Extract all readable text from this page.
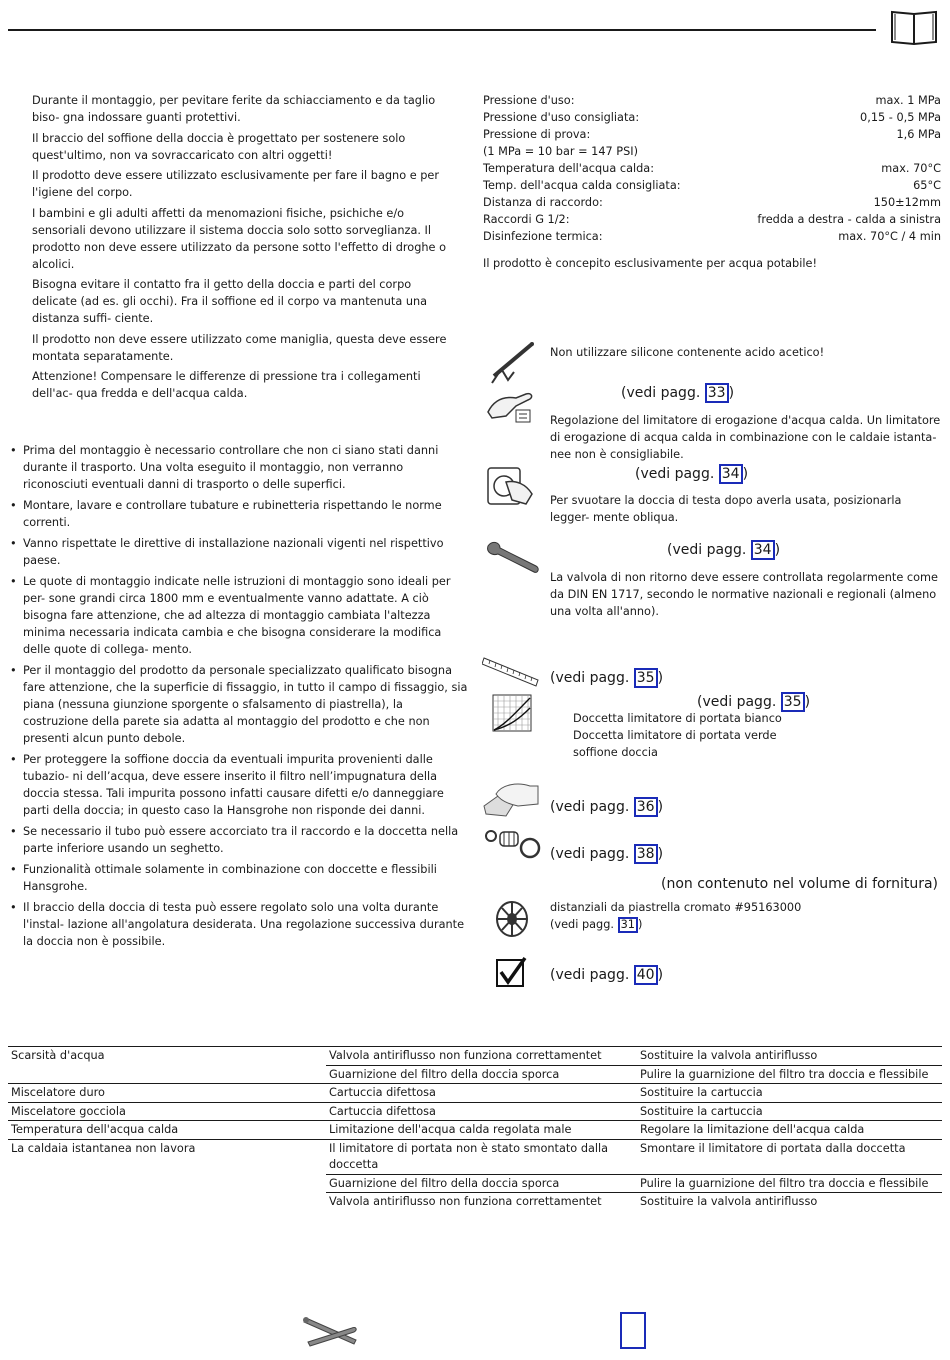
Durante il montaggio, per pevitare ferite da schiacciamento e da taglio biso- gna indossare guanti protettivi.

Il braccio del soffione della doccia è progettato per sostenere solo quest'ultimo, non va sovraccaricato con altri oggetti!

Il prodotto deve essere utilizzato esclusivamente per fare il bagno e per l'igiene del corpo.

I bambini e gli adulti affetti da menomazioni fisiche, psichiche e/o sensoriali devono utilizzare il sistema doccia solo sotto sorveglianza. Il prodotto non deve essere utilizzato da persone sotto l'effetto di droghe o alcolici.

Bisogna evitare il contatto fra il getto della doccia e parti del corpo delicate (ad es. gli occhi). Fra il soffione ed il corpo va mantenuta una distanza suffi- ciente.

Il prodotto non deve essere utilizzato come maniglia, questa deve essere montata separatamente.

Attenzione! Compensare le differenze di pressione tra i collegamenti dell'ac- qua fredda e dell'acqua calda.

• Prima del montaggio è necessario controllare che non ci siano stati danni durante il trasporto. Una volta eseguito il montaggio, non verranno riconosciuti eventuali danni di trasporto o delle superfici.
• Montare, lavare e controllare tubature e rubinetteria rispettando le norme correnti.
• Vanno rispettate le direttive di installazione nazionali vigenti nel rispettivo paese.
• Le quote di montaggio indicate nelle istruzioni di montaggio sono ideali per per- sone grandi circa 1800 mm e eventualmente vanno adattate. A ciò bisogna fare attenzione, che ad altezza di montaggio cambiata l'altezza minima necessaria indicata cambia e che bisogna considerare la modifica delle quote di collega- mento.
• Per il montaggio del prodotto da personale specializzato qualificato bisogna fare attenzione, che la superficie di fissaggio, in tutto il campo di fissaggio, sia piana (nessuna giunzione sporgente o sfalsamento di piastrella), la costruzione della parete sia adatta al montaggio del prodotto e che non presenti alcun punto debole.
• Per proteggere la soffione doccia da eventuali impurita provenienti dalle tubazio- ni dell’acqua, deve essere inserito il filtro nell’impugnatura della doccia stessa. Tali impurita possono infatti causare difetti e/o danneggiare parti della doccia; in questo caso la Hansgrohe non risponde dei danni.
• Se necessario il tubo può essere accorciato tra il raccordo e la doccetta nella parte inferiore usando un seghetto.
• Funzionalità ottimale solamente in combinazione con doccette e flessibili Hansgrohe.
• Il braccio della doccia di testa può essere regolato solo una volta durante l'instal- lazione all'angolatura desiderata. Una regolazione successiva durante la doccia non è possibile.
Pressione d'uso:	max. 1 MPa
Pressione d'uso consigliata:	0,15 - 0,5 MPa
Pressione di prova:	1,6 MPa
(1 MPa = 10 bar = 147 PSI)
Temperatura dell'acqua calda:	max. 70°C
Temp. dell'acqua calda consigliata:	65°C
Distanza di raccordo:	150±12mm
Raccordi G 1/2:	fredda a destra - calda a sinistra
Disinfezione termica:	max. 70°C / 4 min
Il prodotto è concepito esclusivamente per acqua potabile!
Non utilizzare silicone contenente acido acetico!
(vedi pagg. 33 )
Regolazione del limitatore di erogazione d'acqua calda. Un limitatore di erogazione di acqua calda in combinazione con le caldaie istanta- nee non è consigliabile.
(vedi pagg. 34 )
Per svuotare la doccia di testa dopo averla usata, posizionarla legger- mente obliqua.
(vedi pagg. 34 )
La valvola di non ritorno deve essere controllata regolarmente come da DIN EN 1717, secondo le normative nazionali e regionali (almeno una volta all'anno).
(vedi pagg. 35 )
(vedi pagg. 35 )
Doccetta limitatore di portata bianco
Doccetta limitatore di portata verde
soffione doccia
(vedi pagg. 36 )
(vedi pagg. 38 )
(non contenuto nel volume di fornitura)
distanziali da piastrella cromato #95163000
(vedi pagg. 31 )
(vedi pagg. 40 )
Scarsità d'acqua	Valvola antiriflusso non funziona correttamentet	Sostituire la valvola antiriflusso
	Guarnizione del filtro della doccia sporca	Pulire la guarnizione del filtro tra doccia e flessibile
Miscelatore duro	Cartuccia difettosa	Sostituire la cartuccia
Miscelatore gocciola	Cartuccia difettosa	Sostituire la cartuccia
Temperatura dell'acqua calda	Limitazione dell'acqua calda regolata male	Regolare la limitazione dell'acqua calda
La caldaia istantanea non lavora	Il limitatore di portata non è stato smontato dalla doccetta	Smontare il limitatore di portata dalla doccetta
	Guarnizione del filtro della doccia sporca	Pulire la guarnizione del filtro tra doccia e flessibile
	Valvola antiriflusso non funziona correttamentet	Sostituire la valvola antiriflusso
